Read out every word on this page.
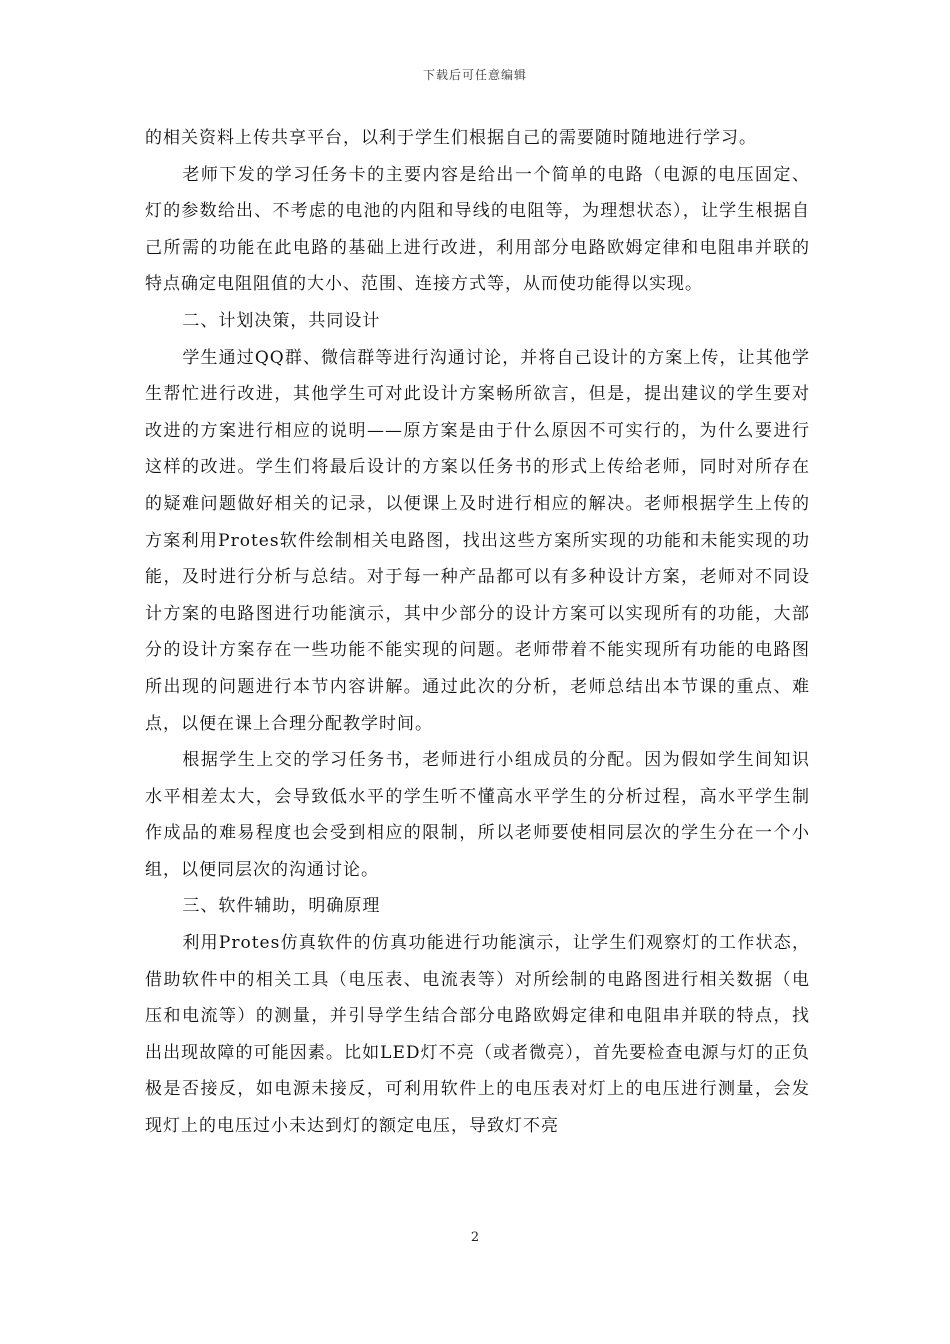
下载后可任意编辑

的相关资料上传共享平台，以利于学生们根据自己的需要随时随地进行学习。

老师下发的学习任务卡的主要内容是给出一个简单的电路（电源的电压固定、灯的参数给出、不考虑的电池的内阻和导线的电阻等，为理想状态），让学生根据自己所需的功能在此电路的基础上进行改进，利用部分电路欧姆定律和电阻串并联的特点确定电阻阻值的大小、范围、连接方式等，从而使功能得以实现。

二、计划决策，共同设计

学生通过QQ群、微信群等进行沟通讨论，并将自己设计的方案上传，让其他学生帮忙进行改进，其他学生可对此设计方案畅所欲言，但是，提出建议的学生要对改进的方案进行相应的说明——原方案是由于什么原因不可实行的，为什么要进行这样的改进。学生们将最后设计的方案以任务书的形式上传给老师，同时对所存在的疑难问题做好相关的记录，以便课上及时进行相应的解决。老师根据学生上传的方案利用Protes软件绘制相关电路图，找出这些方案所实现的功能和未能实现的功能，及时进行分析与总结。对于每一种产品都可以有多种设计方案，老师对不同设计方案的电路图进行功能演示，其中少部分的设计方案可以实现所有的功能，大部分的设计方案存在一些功能不能实现的问题。老师带着不能实现所有功能的电路图所出现的问题进行本节内容讲解。通过此次的分析，老师总结出本节课的重点、难点，以便在课上合理分配教学时间。

根据学生上交的学习任务书，老师进行小组成员的分配。因为假如学生间知识水平相差太大，会导致低水平的学生听不懂高水平学生的分析过程，高水平学生制作成品的难易程度也会受到相应的限制，所以老师要使相同层次的学生分在一个小组，以便同层次的沟通讨论。

三、软件辅助，明确原理

利用Protes仿真软件的仿真功能进行功能演示，让学生们观察灯的工作状态，借助软件中的相关工具（电压表、电流表等）对所绘制的电路图进行相关数据（电压和电流等）的测量，并引导学生结合部分电路欧姆定律和电阻串并联的特点，找出出现故障的可能因素。比如LED灯不亮（或者微亮），首先要检查电源与灯的正负极是否接反，如电源未接反，可利用软件上的电压表对灯上的电压进行测量，会发现灯上的电压过小未达到灯的额定电压，导致灯不亮

2
